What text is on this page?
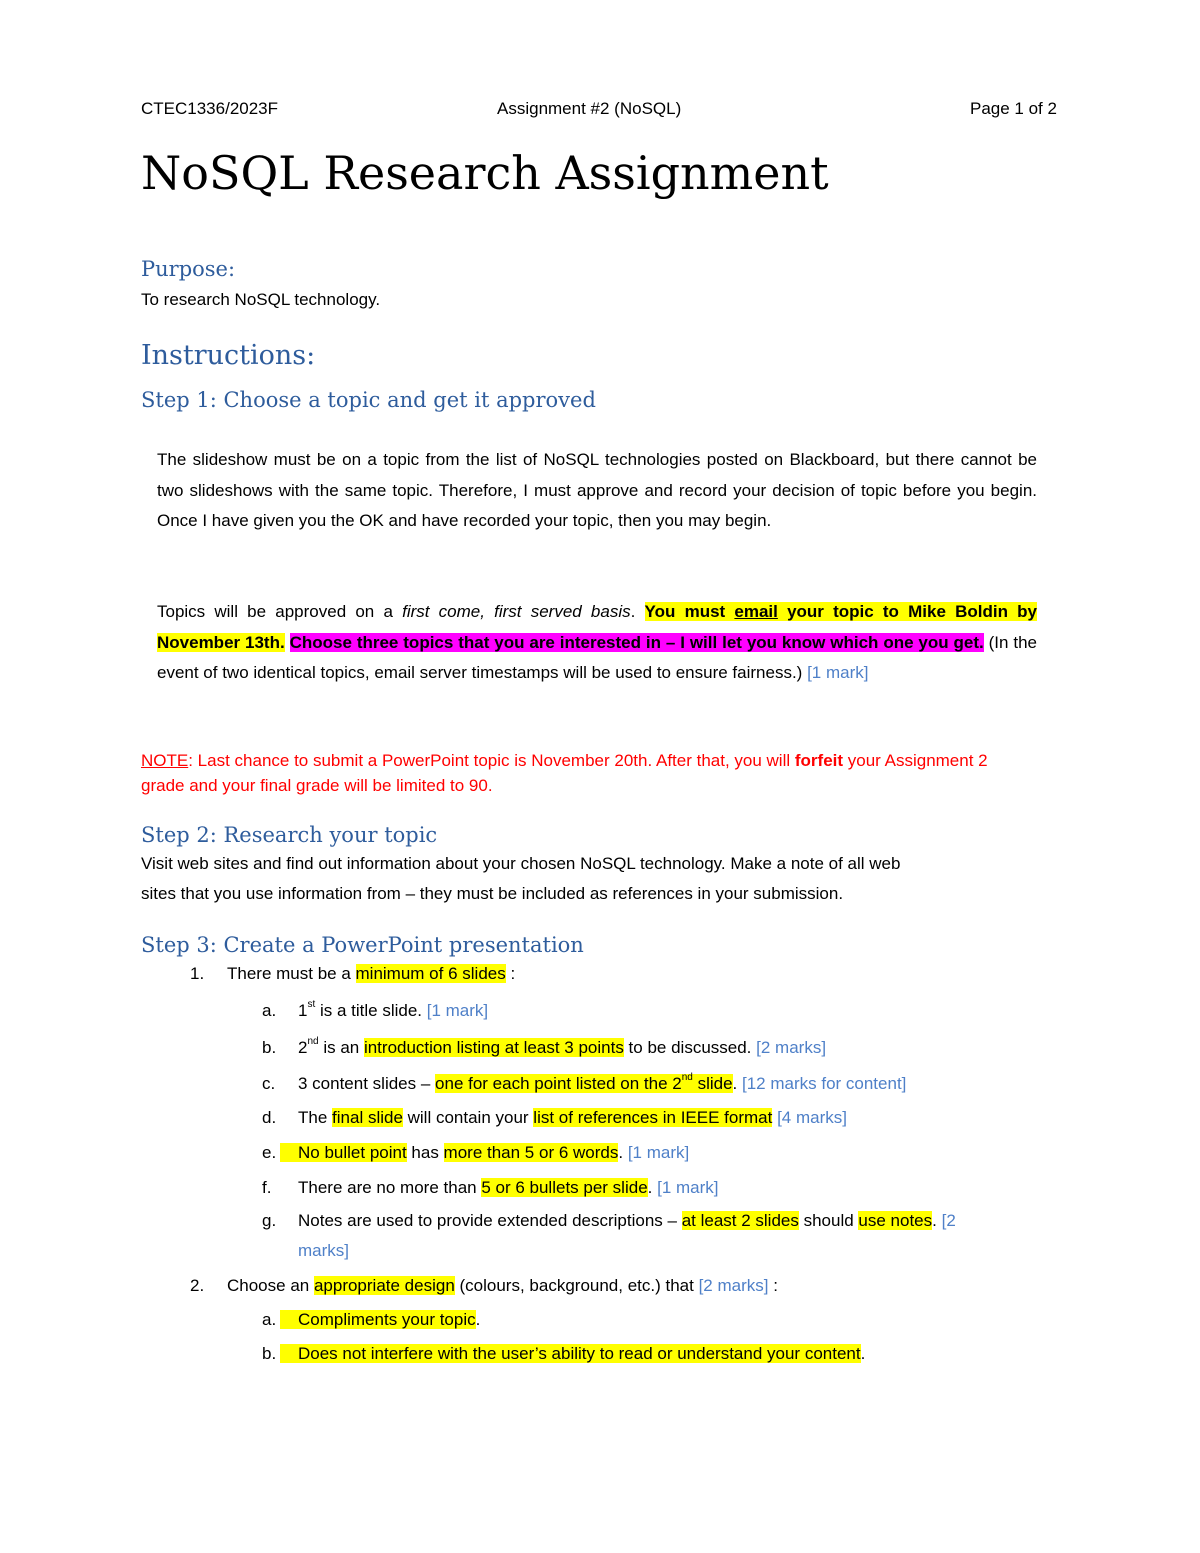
CTEC1336/2023F	Assignment #2 (NoSQL)	Page 1 of 2
NoSQL Research Assignment
Purpose:
To research NoSQL technology.
Instructions:
Step 1: Choose a topic and get it approved
The slideshow must be on a topic from the list of NoSQL technologies posted on Blackboard, but there cannot be two slideshows with the same topic. Therefore, I must approve and record your decision of topic before you begin. Once I have given you the OK and have recorded your topic, then you may begin.
Topics will be approved on a first come, first served basis. You must email your topic to Mike Boldin by November 13th. Choose three topics that you are interested in – I will let you know which one you get. (In the event of two identical topics, email server timestamps will be used to ensure fairness.) [1 mark]
NOTE: Last chance to submit a PowerPoint topic is November 20th. After that, you will forfeit your Assignment 2
grade and your final grade will be limited to 90.
Step 2: Research your topic
Visit web sites and find out information about your chosen NoSQL technology. Make a note of all web
sites that you use information from – they must be included as references in your submission.
Step 3: Create a PowerPoint presentation
1. There must be a minimum of 6 slides :
a. 1st is a title slide. [1 mark]
b. 2nd is an introduction listing at least 3 points to be discussed. [2 marks]
c. 3 content slides – one for each point listed on the 2nd slide. [12 marks for content]
d. The final slide will contain your list of references in IEEE format [4 marks]
e.	No bullet point has more than 5 or 6 words. [1 mark]
f. There are no more than 5 or 6 bullets per slide. [1 mark]
g. Notes are used to provide extended descriptions – at least 2 slides should use notes. [2
marks]
2. Choose an appropriate design (colours, background, etc.) that [2 marks] :
a.	Compliments your topic.
b.	Does not interfere with the user’s ability to read or understand your content.
